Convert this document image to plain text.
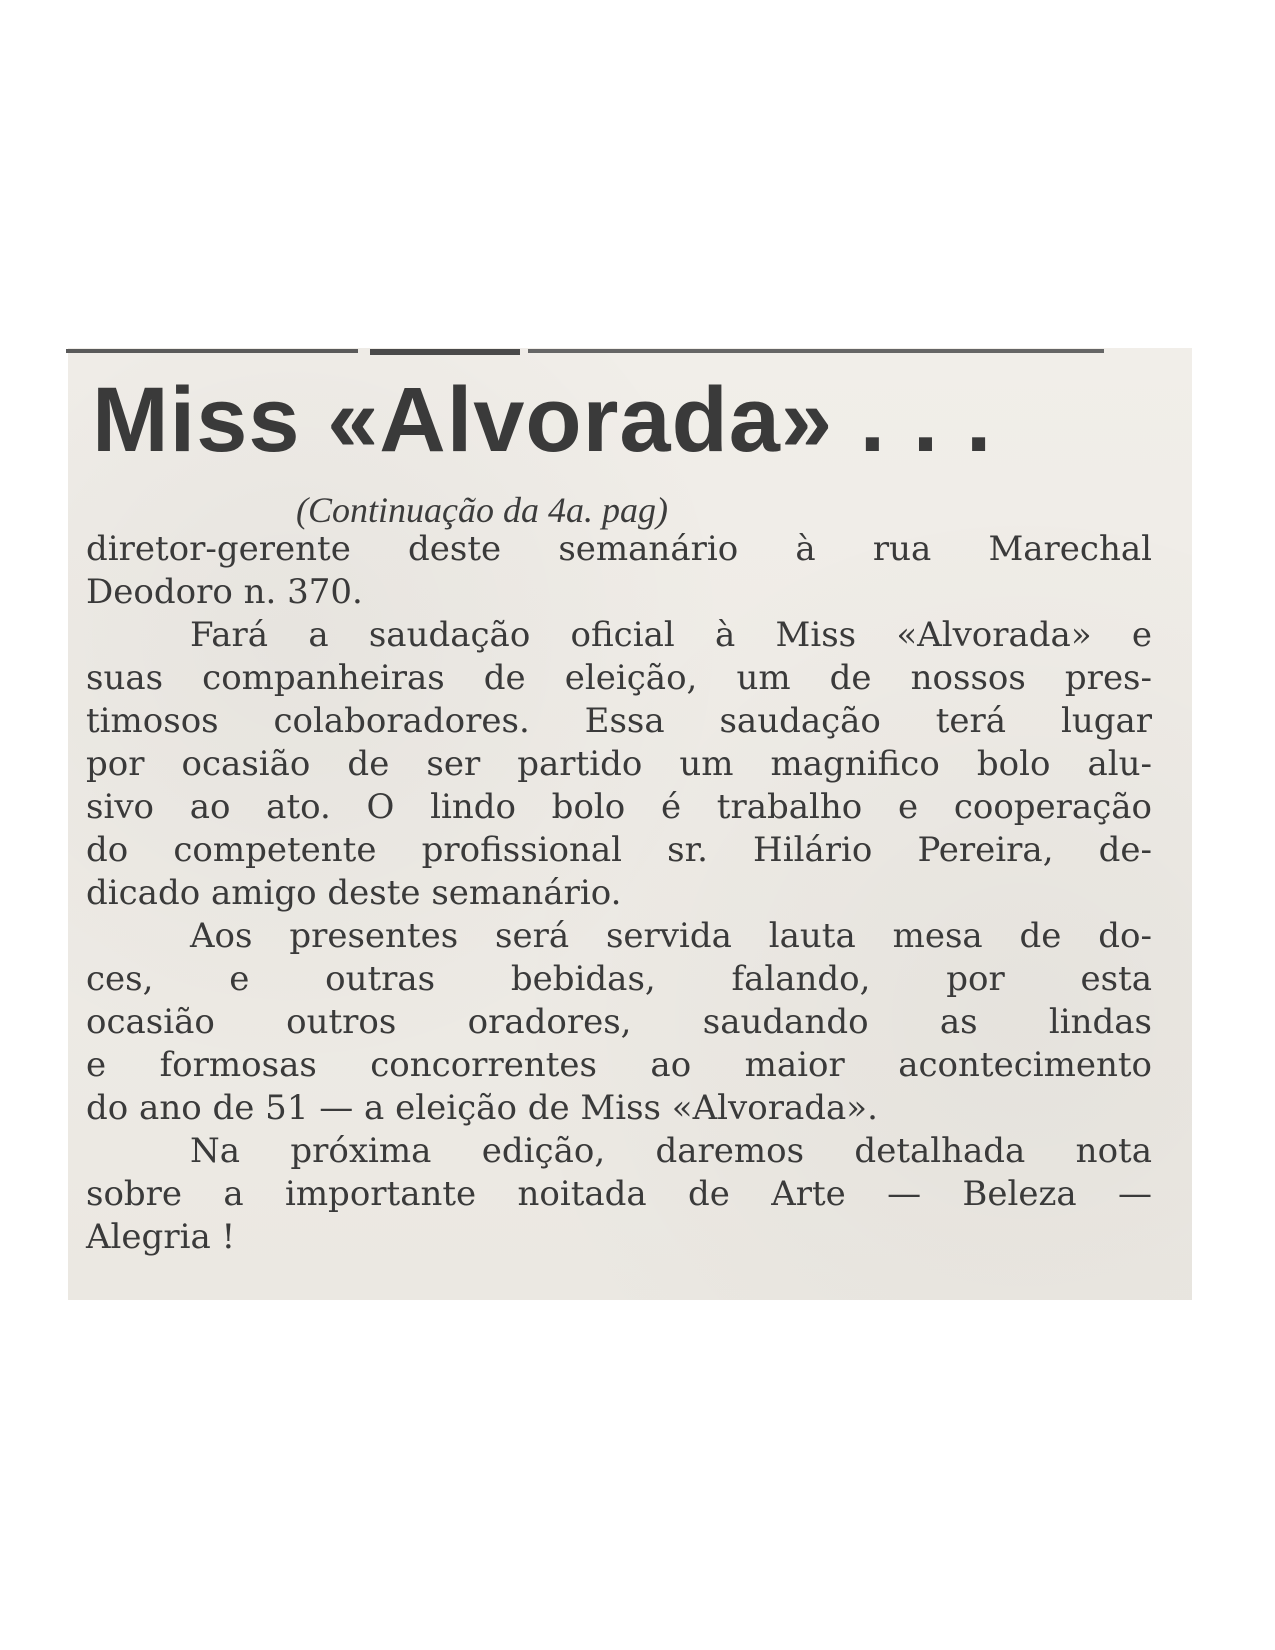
Miss «Alvorada» . . .

(Continuação da 4a. pag)

diretor-gerente deste semanário à rua Marechal
Deodoro n. 370.
Fará a saudação oficial à Miss «Alvorada» e
suas companheiras de eleição, um de nossos pres-
timosos colaboradores. Essa saudação terá lugar
por ocasião de ser partido um magnifico bolo alu-
sivo ao ato. O lindo bolo é trabalho e cooperação
do competente profissional sr. Hilário Pereira, de-
dicado amigo deste semanário.
Aos presentes será servida lauta mesa de do-
ces, e outras bebidas, falando, por esta
ocasião outros oradores, saudando as lindas
e formosas concorrentes ao maior acontecimento
do ano de 51 — a eleição de Miss «Alvorada».
Na próxima edição, daremos detalhada nota
sobre a importante noitada de Arte — Beleza —
Alegria !
